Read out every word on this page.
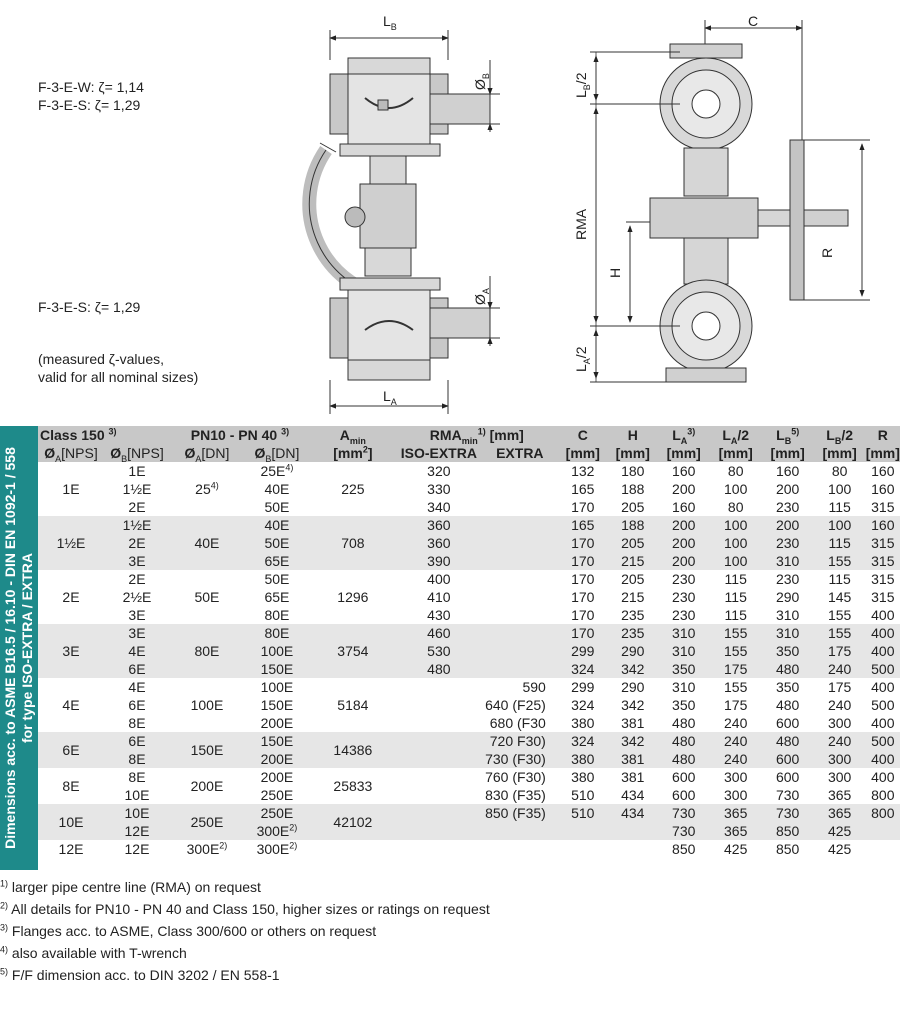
F-3-E-W: ζ= 1,14
F-3-E-S: ζ= 1,29
F-3-E-S: ζ= 1,29
(measured ζ-values,
valid for all nominal sizes)
$L_B$
$L_A$
$Ø_B$
$Ø_A$
C
$L_B/2$
RMA
H
$L_A/2$
R
Dimensions acc. to ASME B16.5 / 16.10 - DIN EN 1092-1 / 558 for type ISO-EXTRA / EXTRA
Class 150 $^{3)}$		PN10 - PN 40 $^{3)}$		$A_{min}$	$RMA_{min}^{1)}$ [mm]		C	H	$L_A^{3)}$	$L_A/2$	$L_B^{5)}$	$L_B/2$	R
$Ø_A[NPS]$	$Ø_B[NPS]$	$Ø_A[DN]$	$Ø_B[DN]$	$[mm^2]$	ISO-EXTRA	EXTRA	[mm]	[mm]	[mm]	[mm]	[mm]	[mm]	[mm]
1E	1E	25$^{4)}$	$25E^{4)}$	225	320		132	180	160	80	160	80	160
	1½E		40E		330		165	188	200	100	200	100	160
	2E		50E		340		170	205	160	80	230	115	315
1½E	1½E	40E	40E	708	360		165	188	200	100	200	100	160
	2E		50E		360		170	205	200	100	230	115	315
	3E		65E		390		170	215	200	100	310	155	315
2E	2E	50E	50E	1296	400		170	205	230	115	230	115	315
	2½E		65E		410		170	215	230	115	290	145	315
	3E		80E		430		170	235	230	115	310	155	400
3E	3E	80E	80E	3754	460		170	235	310	155	310	155	400
	4E		100E		530		299	290	310	155	350	175	400
	6E		150E		480		324	342	350	175	480	240	500
4E	4E	100E	100E	5184		590	299	290	310	155	350	175	400
	6E		150E			640 (F25)	324	342	350	175	480	240	500
	8E		200E			680 (F30	380	381	480	240	600	300	400
6E	6E	150E	150E	14386		720 F30)	324	342	480	240	480	240	500
	8E		200E			730 (F30)	380	381	480	240	600	300	400
8E	8E	200E	200E	25833		760 (F30)	380	381	600	300	600	300	400
	10E		250E			830 (F35)	510	434	600	300	730	365	800
10E	10E	250E	250E	42102		850 (F35)	510	434	730	365	730	365	800
	12E		$300E^{2)}$						730	365	850	425	
12E	12E	$300E^{2)}$	$300E^{2)}$						850	425	850	425	
$^{1)}$ larger pipe centre line (RMA) on request
$^{2)}$ All details for PN10 - PN 40 and Class 150, higher sizes or ratings on request
$^{3)}$ Flanges acc. to ASME, Class 300/600 or others on request
$^{4)}$ also available with T-wrench
$^{5)}$ F/F dimension acc. to DIN 3202 / EN 558-1
